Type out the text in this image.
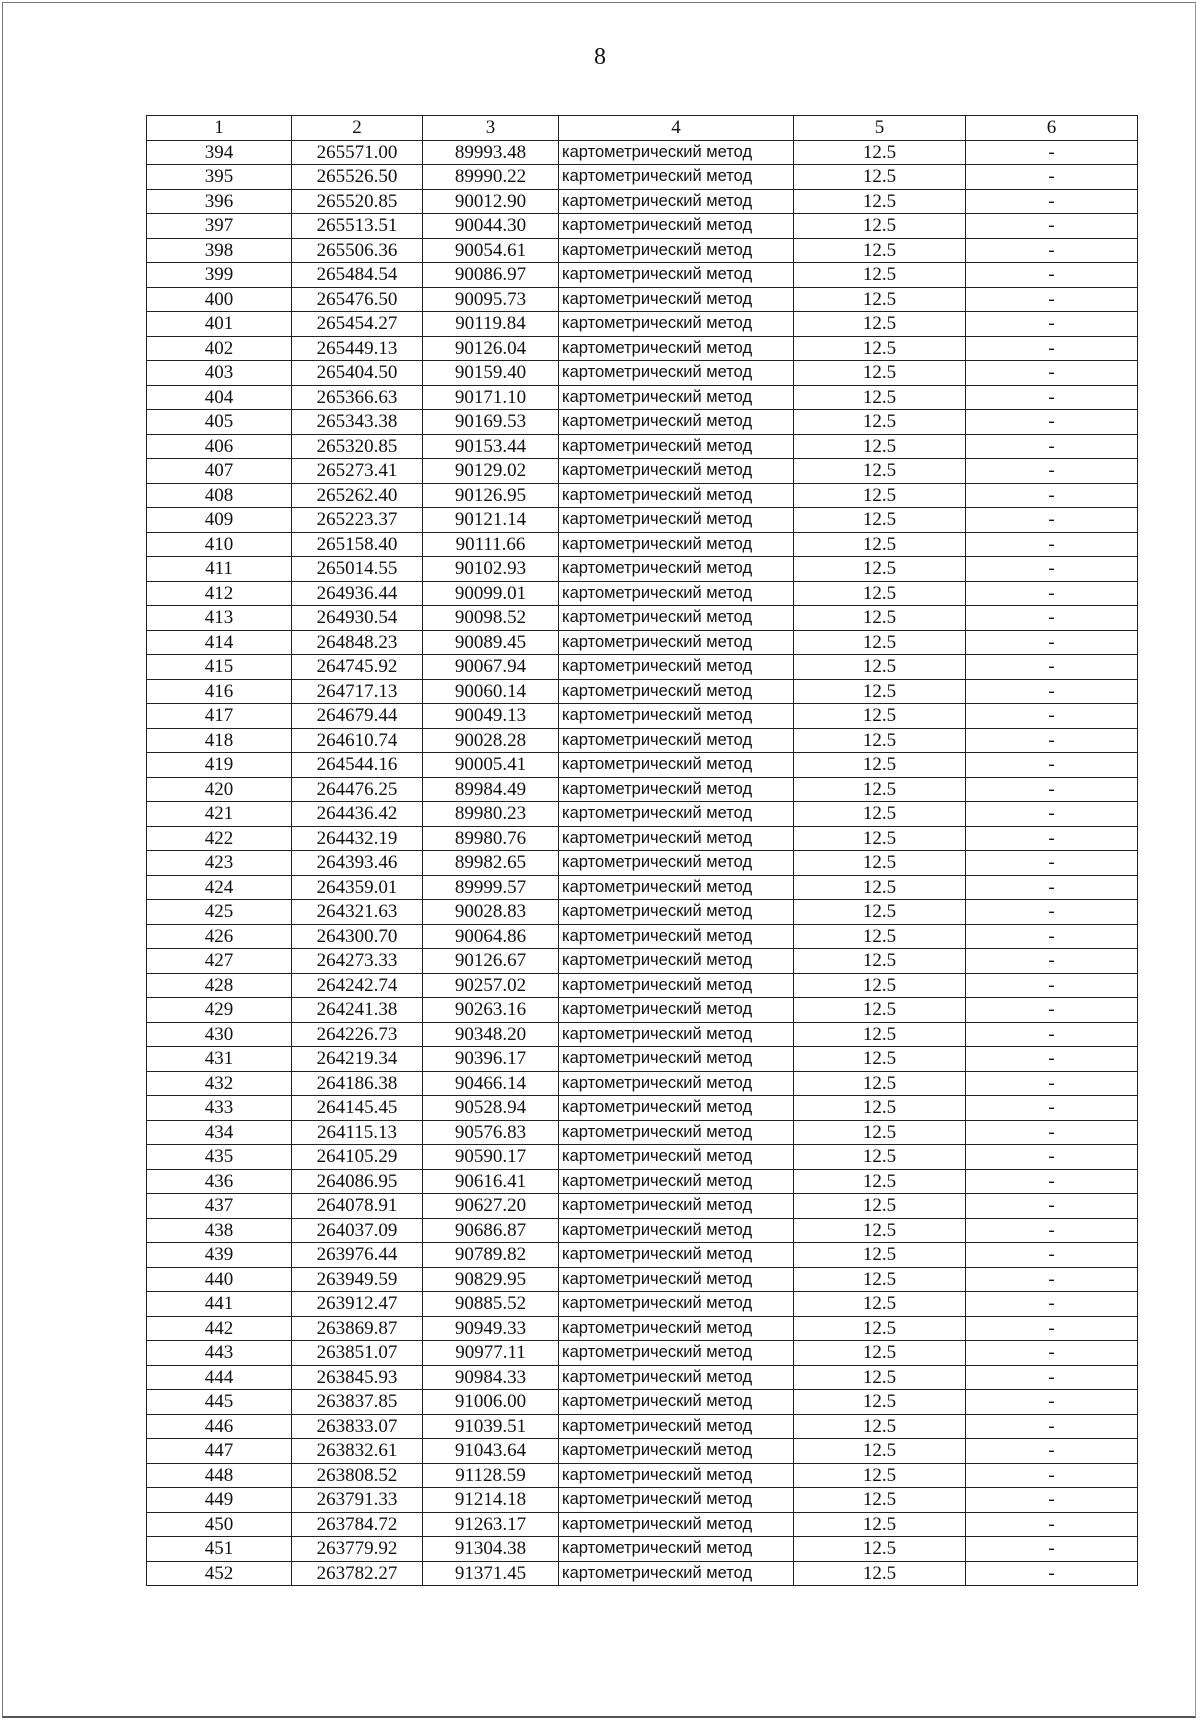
8
1	2	3	4	5	6
394	265571.00	89993.48	картометрический метод	12.5	-
395	265526.50	89990.22	картометрический метод	12.5	-
396	265520.85	90012.90	картометрический метод	12.5	-
397	265513.51	90044.30	картометрический метод	12.5	-
398	265506.36	90054.61	картометрический метод	12.5	-
399	265484.54	90086.97	картометрический метод	12.5	-
400	265476.50	90095.73	картометрический метод	12.5	-
401	265454.27	90119.84	картометрический метод	12.5	-
402	265449.13	90126.04	картометрический метод	12.5	-
403	265404.50	90159.40	картометрический метод	12.5	-
404	265366.63	90171.10	картометрический метод	12.5	-
405	265343.38	90169.53	картометрический метод	12.5	-
406	265320.85	90153.44	картометрический метод	12.5	-
407	265273.41	90129.02	картометрический метод	12.5	-
408	265262.40	90126.95	картометрический метод	12.5	-
409	265223.37	90121.14	картометрический метод	12.5	-
410	265158.40	90111.66	картометрический метод	12.5	-
411	265014.55	90102.93	картометрический метод	12.5	-
412	264936.44	90099.01	картометрический метод	12.5	-
413	264930.54	90098.52	картометрический метод	12.5	-
414	264848.23	90089.45	картометрический метод	12.5	-
415	264745.92	90067.94	картометрический метод	12.5	-
416	264717.13	90060.14	картометрический метод	12.5	-
417	264679.44	90049.13	картометрический метод	12.5	-
418	264610.74	90028.28	картометрический метод	12.5	-
419	264544.16	90005.41	картометрический метод	12.5	-
420	264476.25	89984.49	картометрический метод	12.5	-
421	264436.42	89980.23	картометрический метод	12.5	-
422	264432.19	89980.76	картометрический метод	12.5	-
423	264393.46	89982.65	картометрический метод	12.5	-
424	264359.01	89999.57	картометрический метод	12.5	-
425	264321.63	90028.83	картометрический метод	12.5	-
426	264300.70	90064.86	картометрический метод	12.5	-
427	264273.33	90126.67	картометрический метод	12.5	-
428	264242.74	90257.02	картометрический метод	12.5	-
429	264241.38	90263.16	картометрический метод	12.5	-
430	264226.73	90348.20	картометрический метод	12.5	-
431	264219.34	90396.17	картометрический метод	12.5	-
432	264186.38	90466.14	картометрический метод	12.5	-
433	264145.45	90528.94	картометрический метод	12.5	-
434	264115.13	90576.83	картометрический метод	12.5	-
435	264105.29	90590.17	картометрический метод	12.5	-
436	264086.95	90616.41	картометрический метод	12.5	-
437	264078.91	90627.20	картометрический метод	12.5	-
438	264037.09	90686.87	картометрический метод	12.5	-
439	263976.44	90789.82	картометрический метод	12.5	-
440	263949.59	90829.95	картометрический метод	12.5	-
441	263912.47	90885.52	картометрический метод	12.5	-
442	263869.87	90949.33	картометрический метод	12.5	-
443	263851.07	90977.11	картометрический метод	12.5	-
444	263845.93	90984.33	картометрический метод	12.5	-
445	263837.85	91006.00	картометрический метод	12.5	-
446	263833.07	91039.51	картометрический метод	12.5	-
447	263832.61	91043.64	картометрический метод	12.5	-
448	263808.52	91128.59	картометрический метод	12.5	-
449	263791.33	91214.18	картометрический метод	12.5	-
450	263784.72	91263.17	картометрический метод	12.5	-
451	263779.92	91304.38	картометрический метод	12.5	-
452	263782.27	91371.45	картометрический метод	12.5	-
